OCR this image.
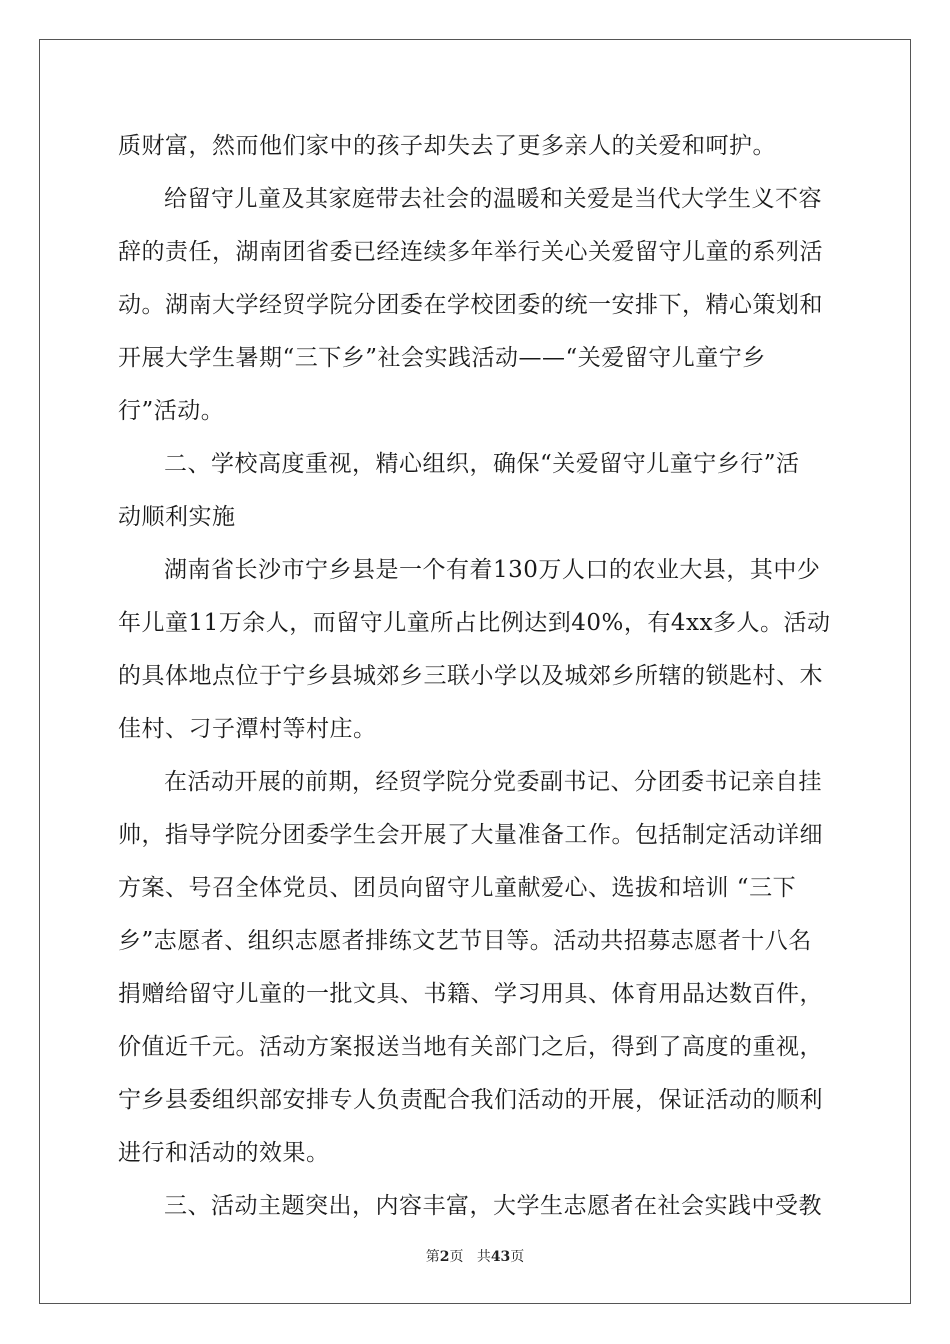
质财富，然而他们家中的孩子却失去了更多亲人的关爱和呵护。
给留守儿童及其家庭带去社会的温暖和关爱是当代大学生义不容
辞的责任，湖南团省委已经连续多年举行关心关爱留守儿童的系列活
动。湖南大学经贸学院分团委在学校团委的统一安排下，精心策划和
开展大学生暑期“三下乡”社会实践活动——“关爱留守儿童宁乡
行”活动。
二、学校高度重视，精心组织，确保“关爱留守儿童宁乡行”活
动顺利实施
湖南省长沙市宁乡县是一个有着130万人口的农业大县，其中少
年儿童11万余人，而留守儿童所占比例达到40%，有4xx多人。活动
的具体地点位于宁乡县城郊乡三联小学以及城郊乡所辖的锁匙村、木
佳村、刁子潭村等村庄。
在活动开展的前期，经贸学院分党委副书记、分团委书记亲自挂
帅，指导学院分团委学生会开展了大量准备工作。包括制定活动详细
方案、号召全体党员、团员向留守儿童献爱心、选拔和培训 “三下
乡”志愿者、组织志愿者排练文艺节目等。活动共招募志愿者十八名
捐赠给留守儿童的一批文具、书籍、学习用具、体育用品达数百件，
价值近千元。活动方案报送当地有关部门之后，得到了高度的重视，
宁乡县委组织部安排专人负责配合我们活动的开展，保证活动的顺利
进行和活动的效果。
三、活动主题突出，内容丰富，大学生志愿者在社会实践中受教
第2页 共43页
